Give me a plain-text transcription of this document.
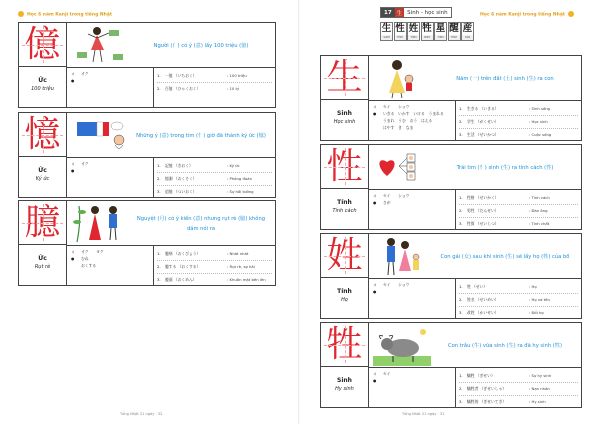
Học 6 năm Kanji trong tiếng Nhật
億
Ức
100 triệu
Người (亻) có ý (意) lấy 100 triệu (億)
ォ	オク
●
1.	一億 （いちおく）	: 100 triệu
2.	百億 （ひゃくおく）	: 10 tỷ
憶
Ức
Ký ức
Những ý (意) trong tim (忄) giờ đã thành ký ức (憶)
ォ	オク
●
1.	記憶 （きおく）	: Ký ức
2.	憶測 （おくそく）	: Phỏng đoán
3.	追憶 （ついおく）	: Sự hồi tưởng
臆
Ức
Rụt rè
Nguyệt (月) có ý kiến (意) nhưng rụt rè (臆) không dám nói ra
ォ	オク　　ヨク
●	むね
おくする
1.	臆病 （おくびょう）	: Nhát nhát
2.	臆する （おくする）	: Rụt rè, sợ hãi
3.	臆面 （おくめん）	: Khuôn mặt bẽn lẽn
Tổng Nhật 21 ngày · 32
17 生 Sinh - học sinh	Học 6 năm Kanji trong tiếng Nhật
生
SINH
性
TÍNH
姓
TÍNH
牲
SINH
星
TINH
醒
TỈNH
産
SẢN
生
Sinh
Học sinh
Năm (一) trên đất (土) sinh (生) ra con
ォ	セイ　　ショウ
●	いきる　いかす　いける　うまれる
うまれ　うむ　おう　はえる
はやす　き　なま
1.	生きる （いきる）	: Sinh sống
2.	学生 （がくせい）	: Học sinh
3.	生活 （せいかつ）	: Cuộc sống
性
Tính
Tính cách
Trái tim (忄) sinh (生) ra tính cách (性)
ォ	セイ　　ショウ
●	さが
1.	性格 （せいかく）	: Tính cách
2.	男性 （だんせい）	: Đàn ông
3.	性質 （せいしつ）	: Tính chất
姓
Tính
Họ
Con gái (女) sau khi sinh (生) sẽ lấy họ (姓) của bố
ォ	セイ　　ショウ
●
1.	姓 （せい）	: Họ
2.	姓名 （せいめい）	: Họ và tên
3.	改姓 （かいせい）	: Đổi họ
牲
Sinh
Hy sinh
Con trâu (牛) vừa sinh (生) ra đã hy sinh (牲)
ォ	セイ
●
1.	犠牲 （ぎせい）	: Sự hy sinh
2.	犠牲者 （ぎせいしゃ）	: Nạn nhân
3.	犠牲的 （ぎせいてき）	: Hy sinh
Tổng Nhật 21 ngày · 31
